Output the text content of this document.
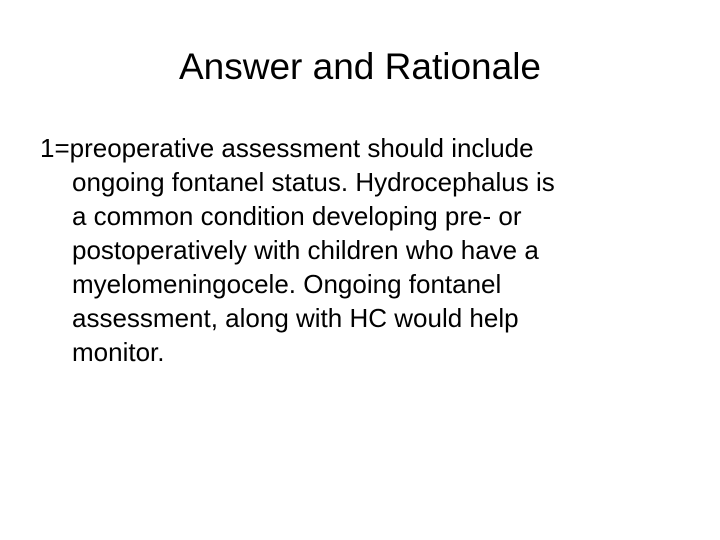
Answer and Rationale
1=preoperative assessment should include
ongoing fontanel status. Hydrocephalus is
a common condition developing pre- or
postoperatively with children who have a
myelomeningocele. Ongoing fontanel
assessment, along with HC would help
monitor.
